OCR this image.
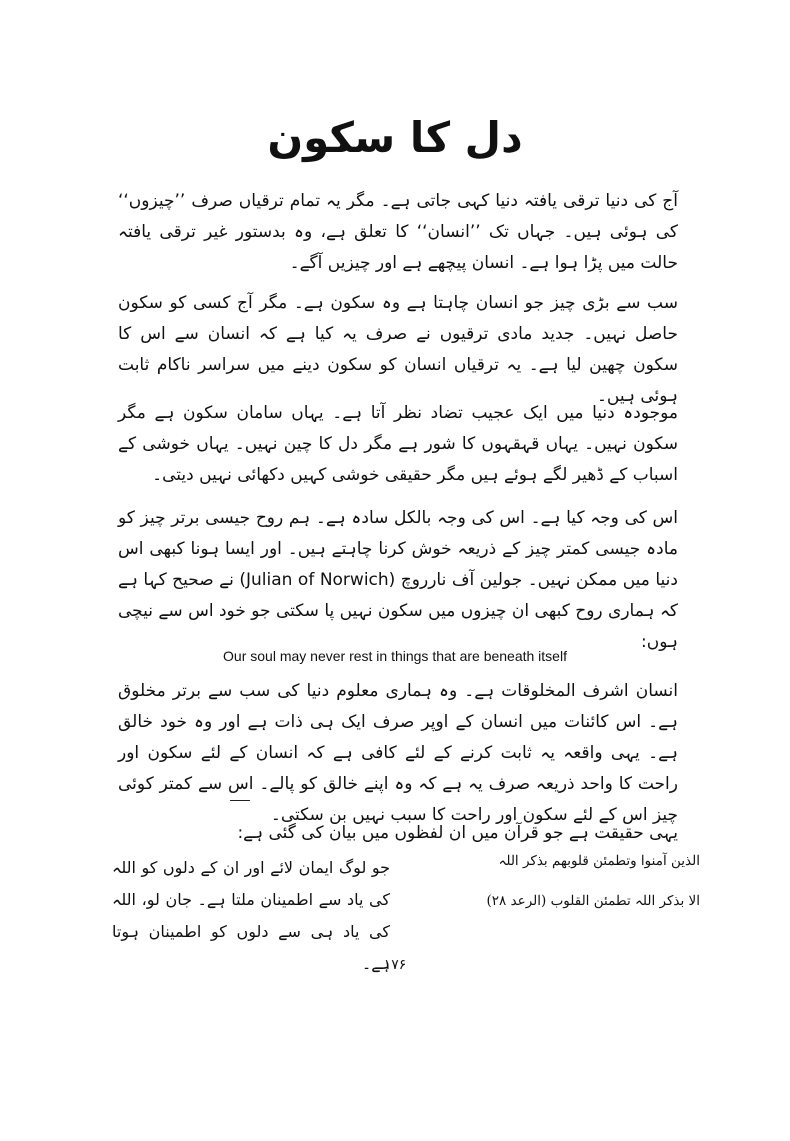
دل کا سکون
آج کی دنیا ترقی یافتہ دنیا کہی جاتی ہے۔ مگر یہ تمام ترقیاں صرف ’’چیزوں‘‘ کی ہوئی ہیں۔ جہاں تک ’’انسان‘‘ کا تعلق ہے، وہ بدستور غیر ترقی یافتہ حالت میں پڑا ہوا ہے۔ انسان پیچھے ہے اور چیزیں آگے۔
سب سے بڑی چیز جو انسان چاہتا ہے وہ سکون ہے۔ مگر آج کسی کو سکون حاصل نہیں۔ جدید مادی ترقیوں نے صرف یہ کیا ہے کہ انسان سے اس کا سکون چھین لیا ہے۔ یہ ترقیاں انسان کو سکون دینے میں سراسر ناکام ثابت ہوئی ہیں۔
موجودہ دنیا میں ایک عجیب تضاد نظر آتا ہے۔ یہاں سامان سکون ہے مگر سکون نہیں۔ یہاں قہقہوں کا شور ہے مگر دل کا چین نہیں۔ یہاں خوشی کے اسباب کے ڈھیر لگے ہوئے ہیں مگر حقیقی خوشی کہیں دکھائی نہیں دیتی۔
اس کی وجہ کیا ہے۔ اس کی وجہ بالکل سادہ ہے۔ ہم روح جیسی برتر چیز کو مادہ جیسی کمتر چیز کے ذریعہ خوش کرنا چاہتے ہیں۔ اور ایسا ہونا کبھی اس دنیا میں ممکن نہیں۔ جولین آف نارروچ (Julian of Norwich) نے صحیح کہا ہے کہ ہماری روح کبھی ان چیزوں میں سکون نہیں پا سکتی جو خود اس سے نیچی ہوں:
Our soul may never rest in things that are beneath itself
انسان اشرف المخلوقات ہے۔ وہ ہماری معلوم دنیا کی سب سے برتر مخلوق ہے۔ اس کائنات میں انسان کے اوپر صرف ایک ہی ذات ہے اور وہ خود خالق ہے۔ یہی واقعہ یہ ثابت کرنے کے لئے کافی ہے کہ انسان کے لئے سکون اور راحت کا واحد ذریعہ صرف یہ ہے کہ وہ اپنے خالق کو پالے۔ اس سے کمتر کوئی چیز اس کے لئے سکون اور راحت کا سبب نہیں بن سکتی۔
یہی حقیقت ہے جو قرآن میں ان لفظوں میں بیان کی گئی ہے:
الذین آمنوا وتطمئن قلوبهم بذکر اللہ
الا بذکر اللہ تطمئن القلوب (الرعد ۲۸)
جو لوگ ایمان لائے اور ان کے دلوں کو اللہ کی یاد سے اطمینان ملتا ہے۔ جان لو، اللہ کی یاد ہی سے دلوں کو اطمینان ہوتا ہے۔
۱۷۶
